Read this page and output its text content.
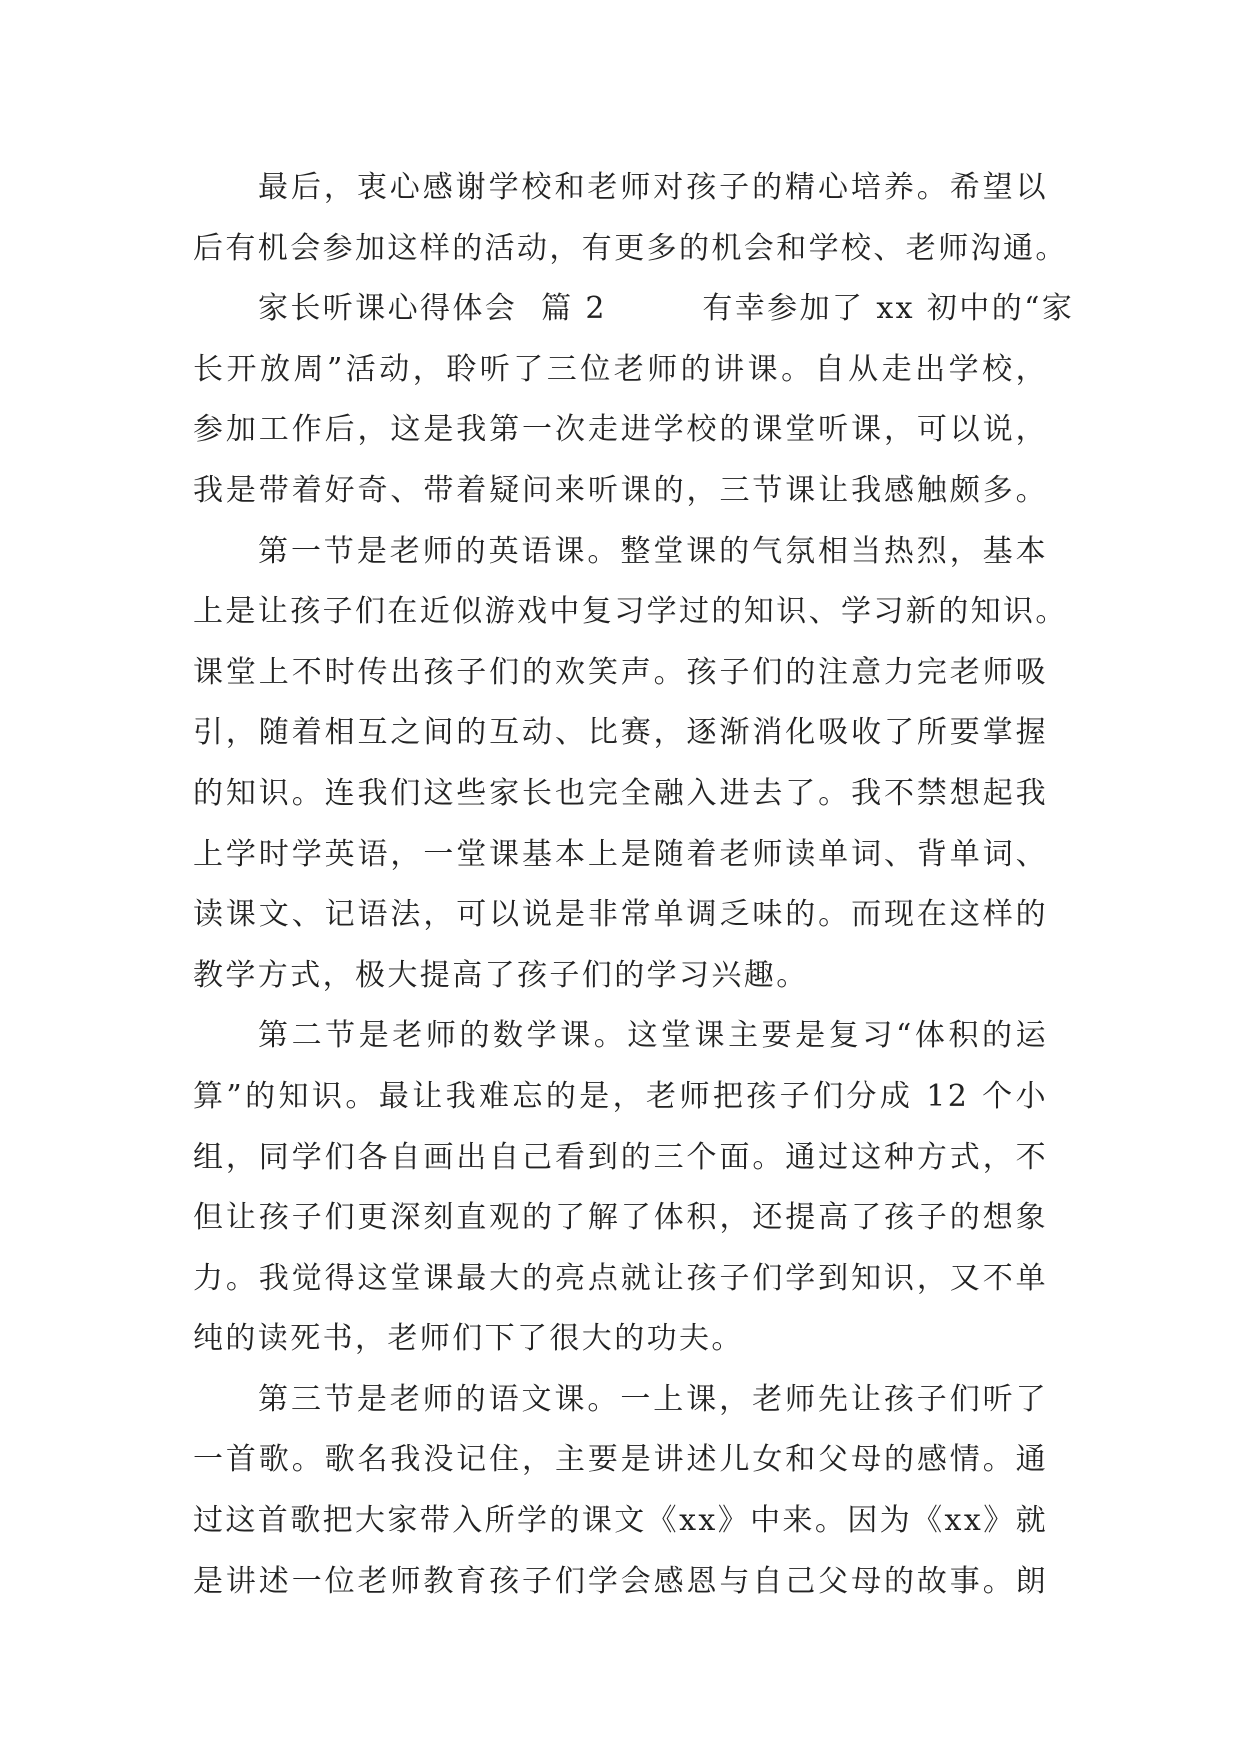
最后，衷心感谢学校和老师对孩子的精心培养。希望以
后有机会参加这样的活动，有更多的机会和学校、老师沟通。
家长听课心得体会  篇 2        有幸参加了 xx 初中的“家
长开放周”活动，聆听了三位老师的讲课。自从走出学校，
参加工作后，这是我第一次走进学校的课堂听课，可以说，
我是带着好奇、带着疑问来听课的，三节课让我感触颇多。
第一节是老师的英语课。整堂课的气氛相当热烈，基本
上是让孩子们在近似游戏中复习学过的知识、学习新的知识。
课堂上不时传出孩子们的欢笑声。孩子们的注意力完老师吸
引，随着相互之间的互动、比赛，逐渐消化吸收了所要掌握
的知识。连我们这些家长也完全融入进去了。我不禁想起我
上学时学英语，一堂课基本上是随着老师读单词、背单词、
读课文、记语法，可以说是非常单调乏味的。而现在这样的
教学方式，极大提高了孩子们的学习兴趣。
第二节是老师的数学课。这堂课主要是复习“体积的运
算”的知识。最让我难忘的是，老师把孩子们分成 12 个小
组，同学们各自画出自己看到的三个面。通过这种方式，不
但让孩子们更深刻直观的了解了体积，还提高了孩子的想象
力。我觉得这堂课最大的亮点就让孩子们学到知识，又不单
纯的读死书，老师们下了很大的功夫。
第三节是老师的语文课。一上课，老师先让孩子们听了
一首歌。歌名我没记住，主要是讲述儿女和父母的感情。通
过这首歌把大家带入所学的课文《xx》中来。因为《xx》就
是讲述一位老师教育孩子们学会感恩与自己父母的故事。朗
